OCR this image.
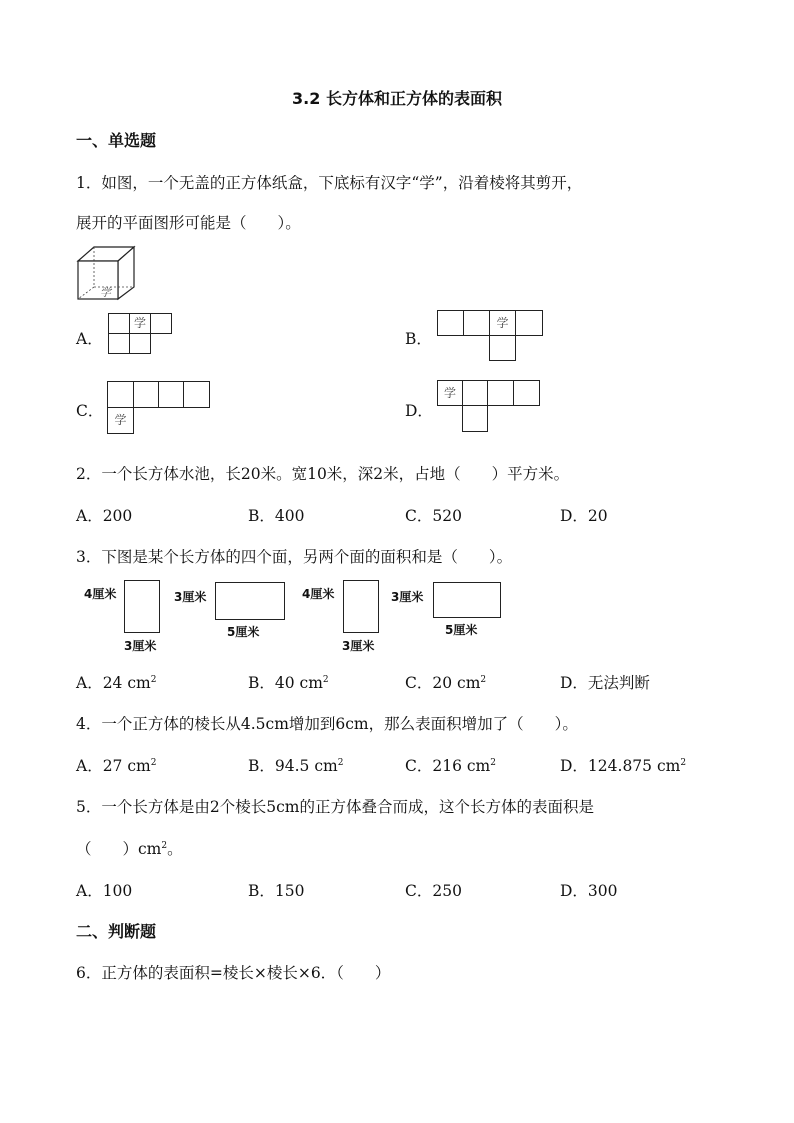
3.2 长方体和正方体的表面积
一、单选题
1．如图，一个无盖的正方体纸盒，下底标有汉字“学”，沿着棱将其剪开，
展开的平面图形可能是（　　）。
学
A．
学
B．
学
C． 学	D．
学
2．一个长方体水池，长20米。宽10米，深2米，占地（　　）平方米。
A．200	B．400	C．520	D．20
3．下图是某个长方体的四个面，另两个面的面积和是（　　）。
4厘米
3厘米
3厘米
5厘米
4厘米
3厘米
3厘米
5厘米
A．24 $cm^2$	B．40 $cm^2$	C．20 $cm^2$	D．无法判断
4．一个正方体的棱长从4.5cm增加到6cm，那么表面积增加了（　　）。
A．27 $cm^2$	B．94.5 $cm^2$	C．216 $cm^2$	D．124.875 $cm^2$
5．一个长方体是由2个棱长5cm的正方体叠合而成，这个长方体的表面积是
（　　）$cm^2$。
A．100	B．150	C．250	D．300
二、判断题
6．正方体的表面积=棱长×棱长×6．（　　）
